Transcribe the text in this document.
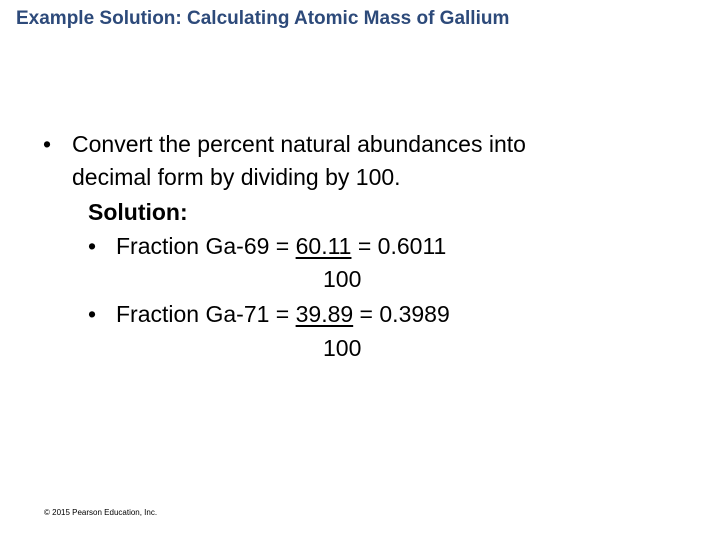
Example Solution: Calculating Atomic Mass of Gallium
• Convert the percent natural abundances into
decimal form by dividing by 100.
Solution:
• Fraction Ga-69 = 60.11 = 0.6011
100
• Fraction Ga-71 = 39.89 = 0.3989
100
© 2015 Pearson Education, Inc.
